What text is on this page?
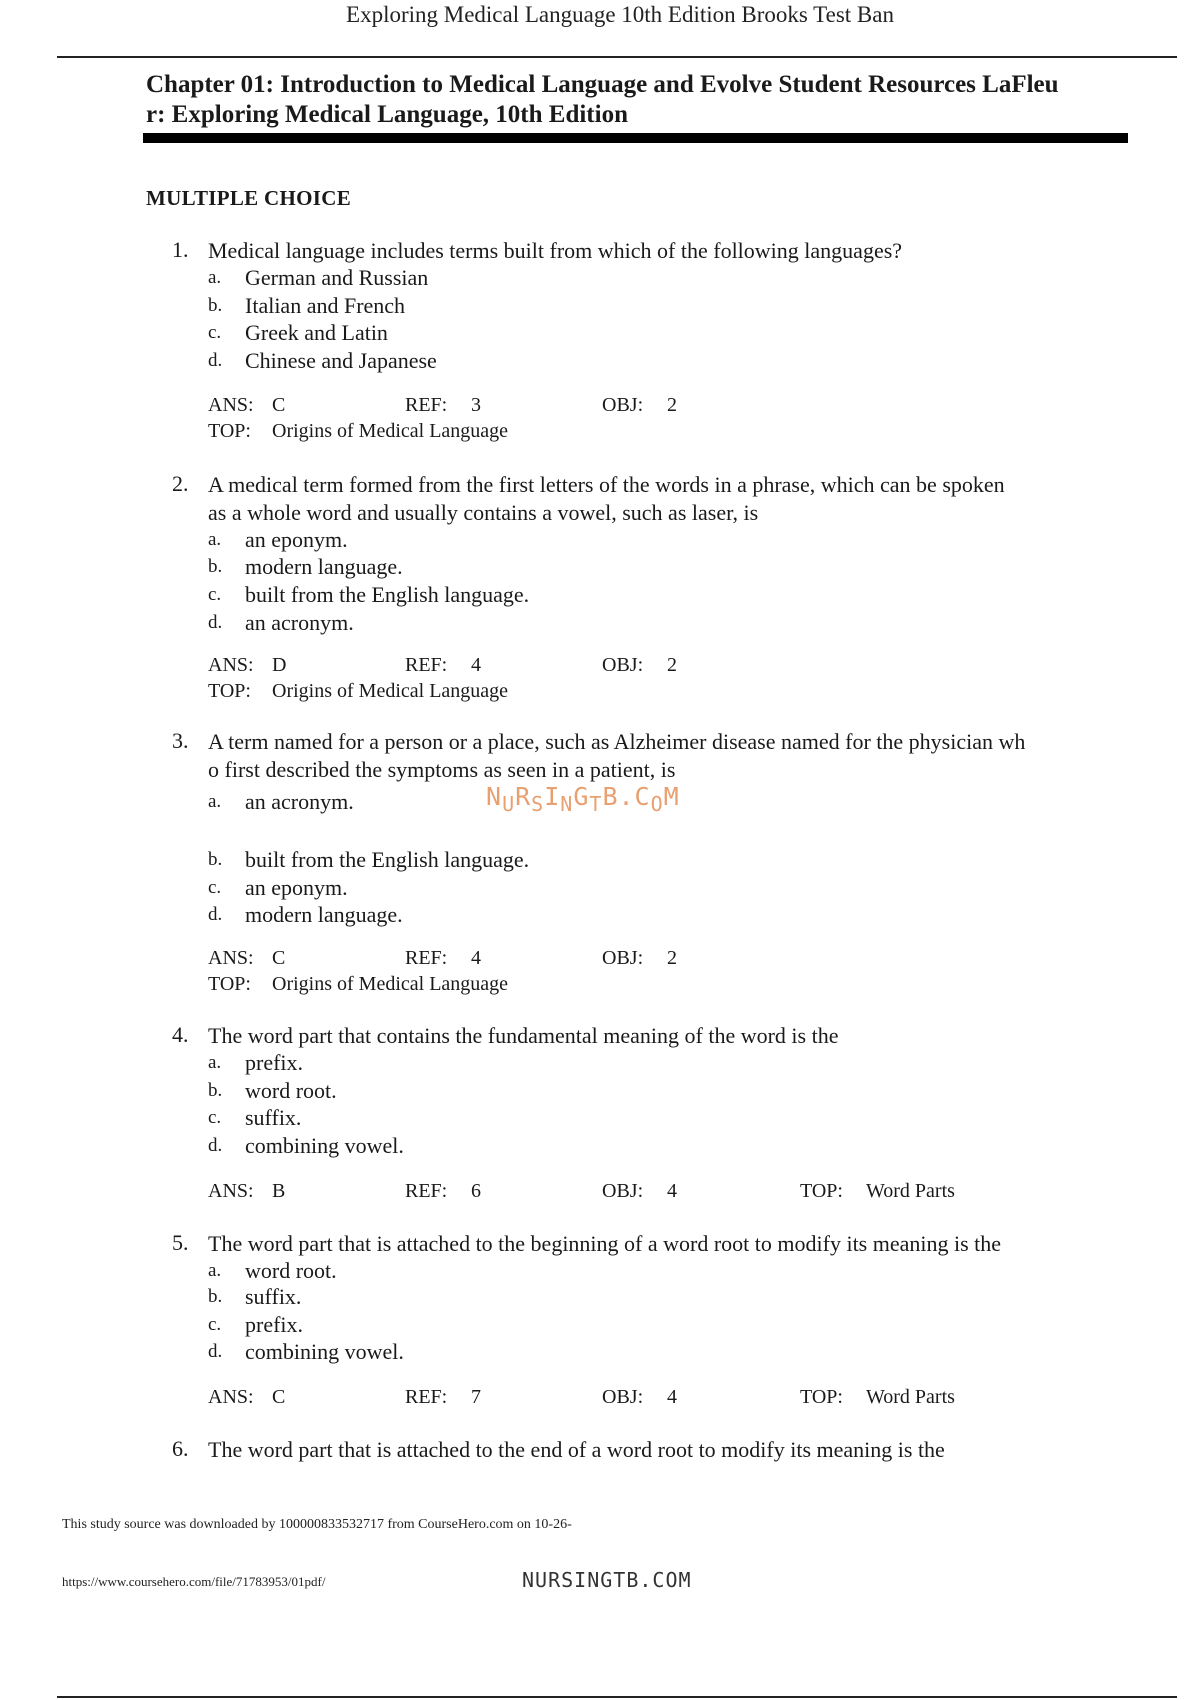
Exploring Medical Language 10th Edition Brooks Test Ban
Chapter 01: Introduction to Medical Language and Evolve Student Resources LaFleu
r: Exploring Medical Language, 10th Edition
MULTIPLE CHOICE
1. Medical language includes terms built from which of the following languages?
a. German and Russian
b. Italian and French
c. Greek and Latin
d. Chinese and Japanese
ANS: C	REF: 3	OBJ: 2
TOP: Origins of Medical Language
2. A medical term formed from the first letters of the words in a phrase, which can be spoken
as a whole word and usually contains a vowel, such as laser, is
a. an eponym.
b. modern language.
c. built from the English language.
d. an acronym.
ANS: D	REF: 4	OBJ: 2
TOP: Origins of Medical Language
3. A term named for a person or a place, such as Alzheimer disease named for the physician wh
o first described the symptoms as seen in a patient, is
a. an acronym.	$N_UR_SI_NG_TB.C_OM$
b. built from the English language.
c. an eponym.
d. modern language.
ANS: C	REF: 4	OBJ: 2
TOP: Origins of Medical Language
4. The word part that contains the fundamental meaning of the word is the
a. prefix.
b. word root.
c. suffix.
d. combining vowel.
ANS: B	REF: 6	OBJ: 4	TOP: Word Parts
5. The word part that is attached to the beginning of a word root to modify its meaning is the
a. word root.
b. suffix.
c. prefix.
d. combining vowel.
ANS: C	REF: 7	OBJ: 4	TOP: Word Parts
6. The word part that is attached to the end of a word root to modify its meaning is the
This study source was downloaded by 100000833532717 from CourseHero.com on 10-26-
https://www.coursehero.com/file/71783953/01pdf/	NURSINGTB.COM
